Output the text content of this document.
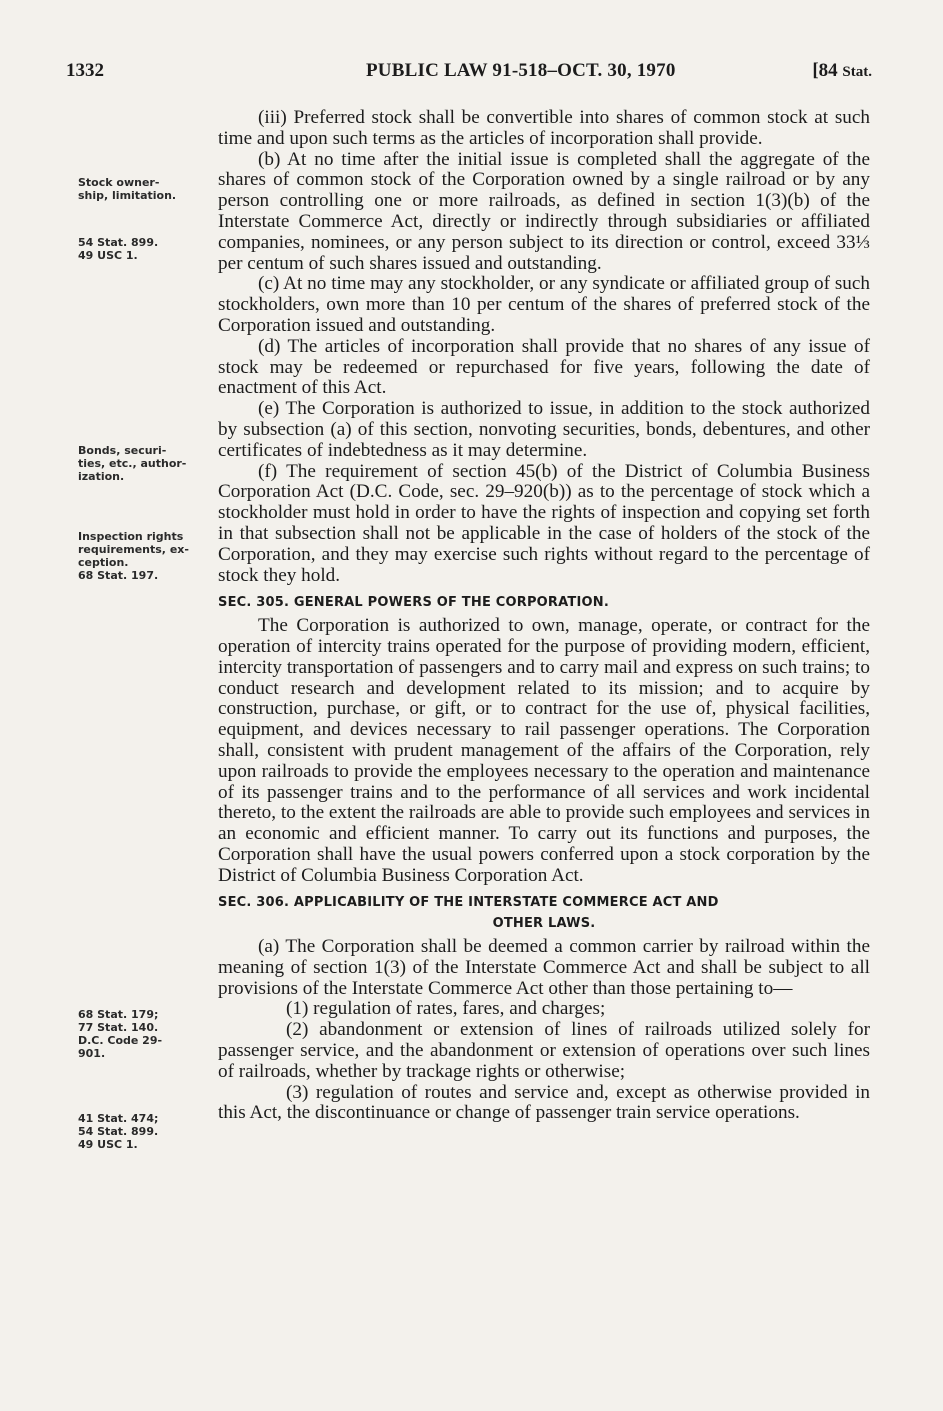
1332	PUBLIC LAW 91-518–OCT. 30, 1970	[84 Stat.
Stock owner-
ship, limitation.
54 Stat. 899.
49 USC 1.
Bonds, securi-
ties, etc., author-
ization.
Inspection rights
requirements, ex-
ception.
68 Stat. 197.
68 Stat. 179;
77 Stat. 140.
D.C. Code 29-
901.
41 Stat. 474;
54 Stat. 899.
49 USC 1.

(iii) Preferred stock shall be convertible into shares of common stock at such time and upon such terms as the articles of incorporation shall provide.

(b) At no time after the initial issue is completed shall the aggregate of the shares of common stock of the Corporation owned by a single railroad or by any person controlling one or more railroads, as defined in section 1(3)(b) of the Interstate Commerce Act, directly or indirectly through subsidiaries or affiliated companies, nominees, or any person subject to its direction or control, exceed 33⅓ per centum of such shares issued and outstanding.

(c) At no time may any stockholder, or any syndicate or affiliated group of such stockholders, own more than 10 per centum of the shares of preferred stock of the Corporation issued and outstanding.

(d) The articles of incorporation shall provide that no shares of any issue of stock may be redeemed or repurchased for five years, following the date of enactment of this Act.

(e) The Corporation is authorized to issue, in addition to the stock authorized by subsection (a) of this section, nonvoting securities, bonds, debentures, and other certificates of indebtedness as it may determine.

(f) The requirement of section 45(b) of the District of Columbia Business Corporation Act (D.C. Code, sec. 29–920(b)) as to the percentage of stock which a stockholder must hold in order to have the rights of inspection and copying set forth in that subsection shall not be applicable in the case of holders of the stock of the Corporation, and they may exercise such rights without regard to the percentage of stock they hold.

SEC. 305. GENERAL POWERS OF THE CORPORATION.

The Corporation is authorized to own, manage, operate, or contract for the operation of intercity trains operated for the purpose of providing modern, efficient, intercity transportation of passengers and to carry mail and express on such trains; to conduct research and development related to its mission; and to acquire by construction, purchase, or gift, or to contract for the use of, physical facilities, equipment, and devices necessary to rail passenger operations. The Corporation shall, consistent with prudent management of the affairs of the Corporation, rely upon railroads to provide the employees necessary to the operation and maintenance of its passenger trains and to the performance of all services and work incidental thereto, to the extent the railroads are able to provide such employees and services in an economic and efficient manner. To carry out its functions and purposes, the Corporation shall have the usual powers conferred upon a stock corporation by the District of Columbia Business Corporation Act.

SEC. 306. APPLICABILITY OF THE INTERSTATE COMMERCE ACT AND
OTHER LAWS.

(a) The Corporation shall be deemed a common carrier by railroad within the meaning of section 1(3) of the Interstate Commerce Act and shall be subject to all provisions of the Interstate Commerce Act other than those pertaining to—

(1) regulation of rates, fares, and charges;

(2) abandonment or extension of lines of railroads utilized solely for passenger service, and the abandonment or extension of operations over such lines of railroads, whether by trackage rights or otherwise;

(3) regulation of routes and service and, except as otherwise provided in this Act, the discontinuance or change of passenger train service operations.
